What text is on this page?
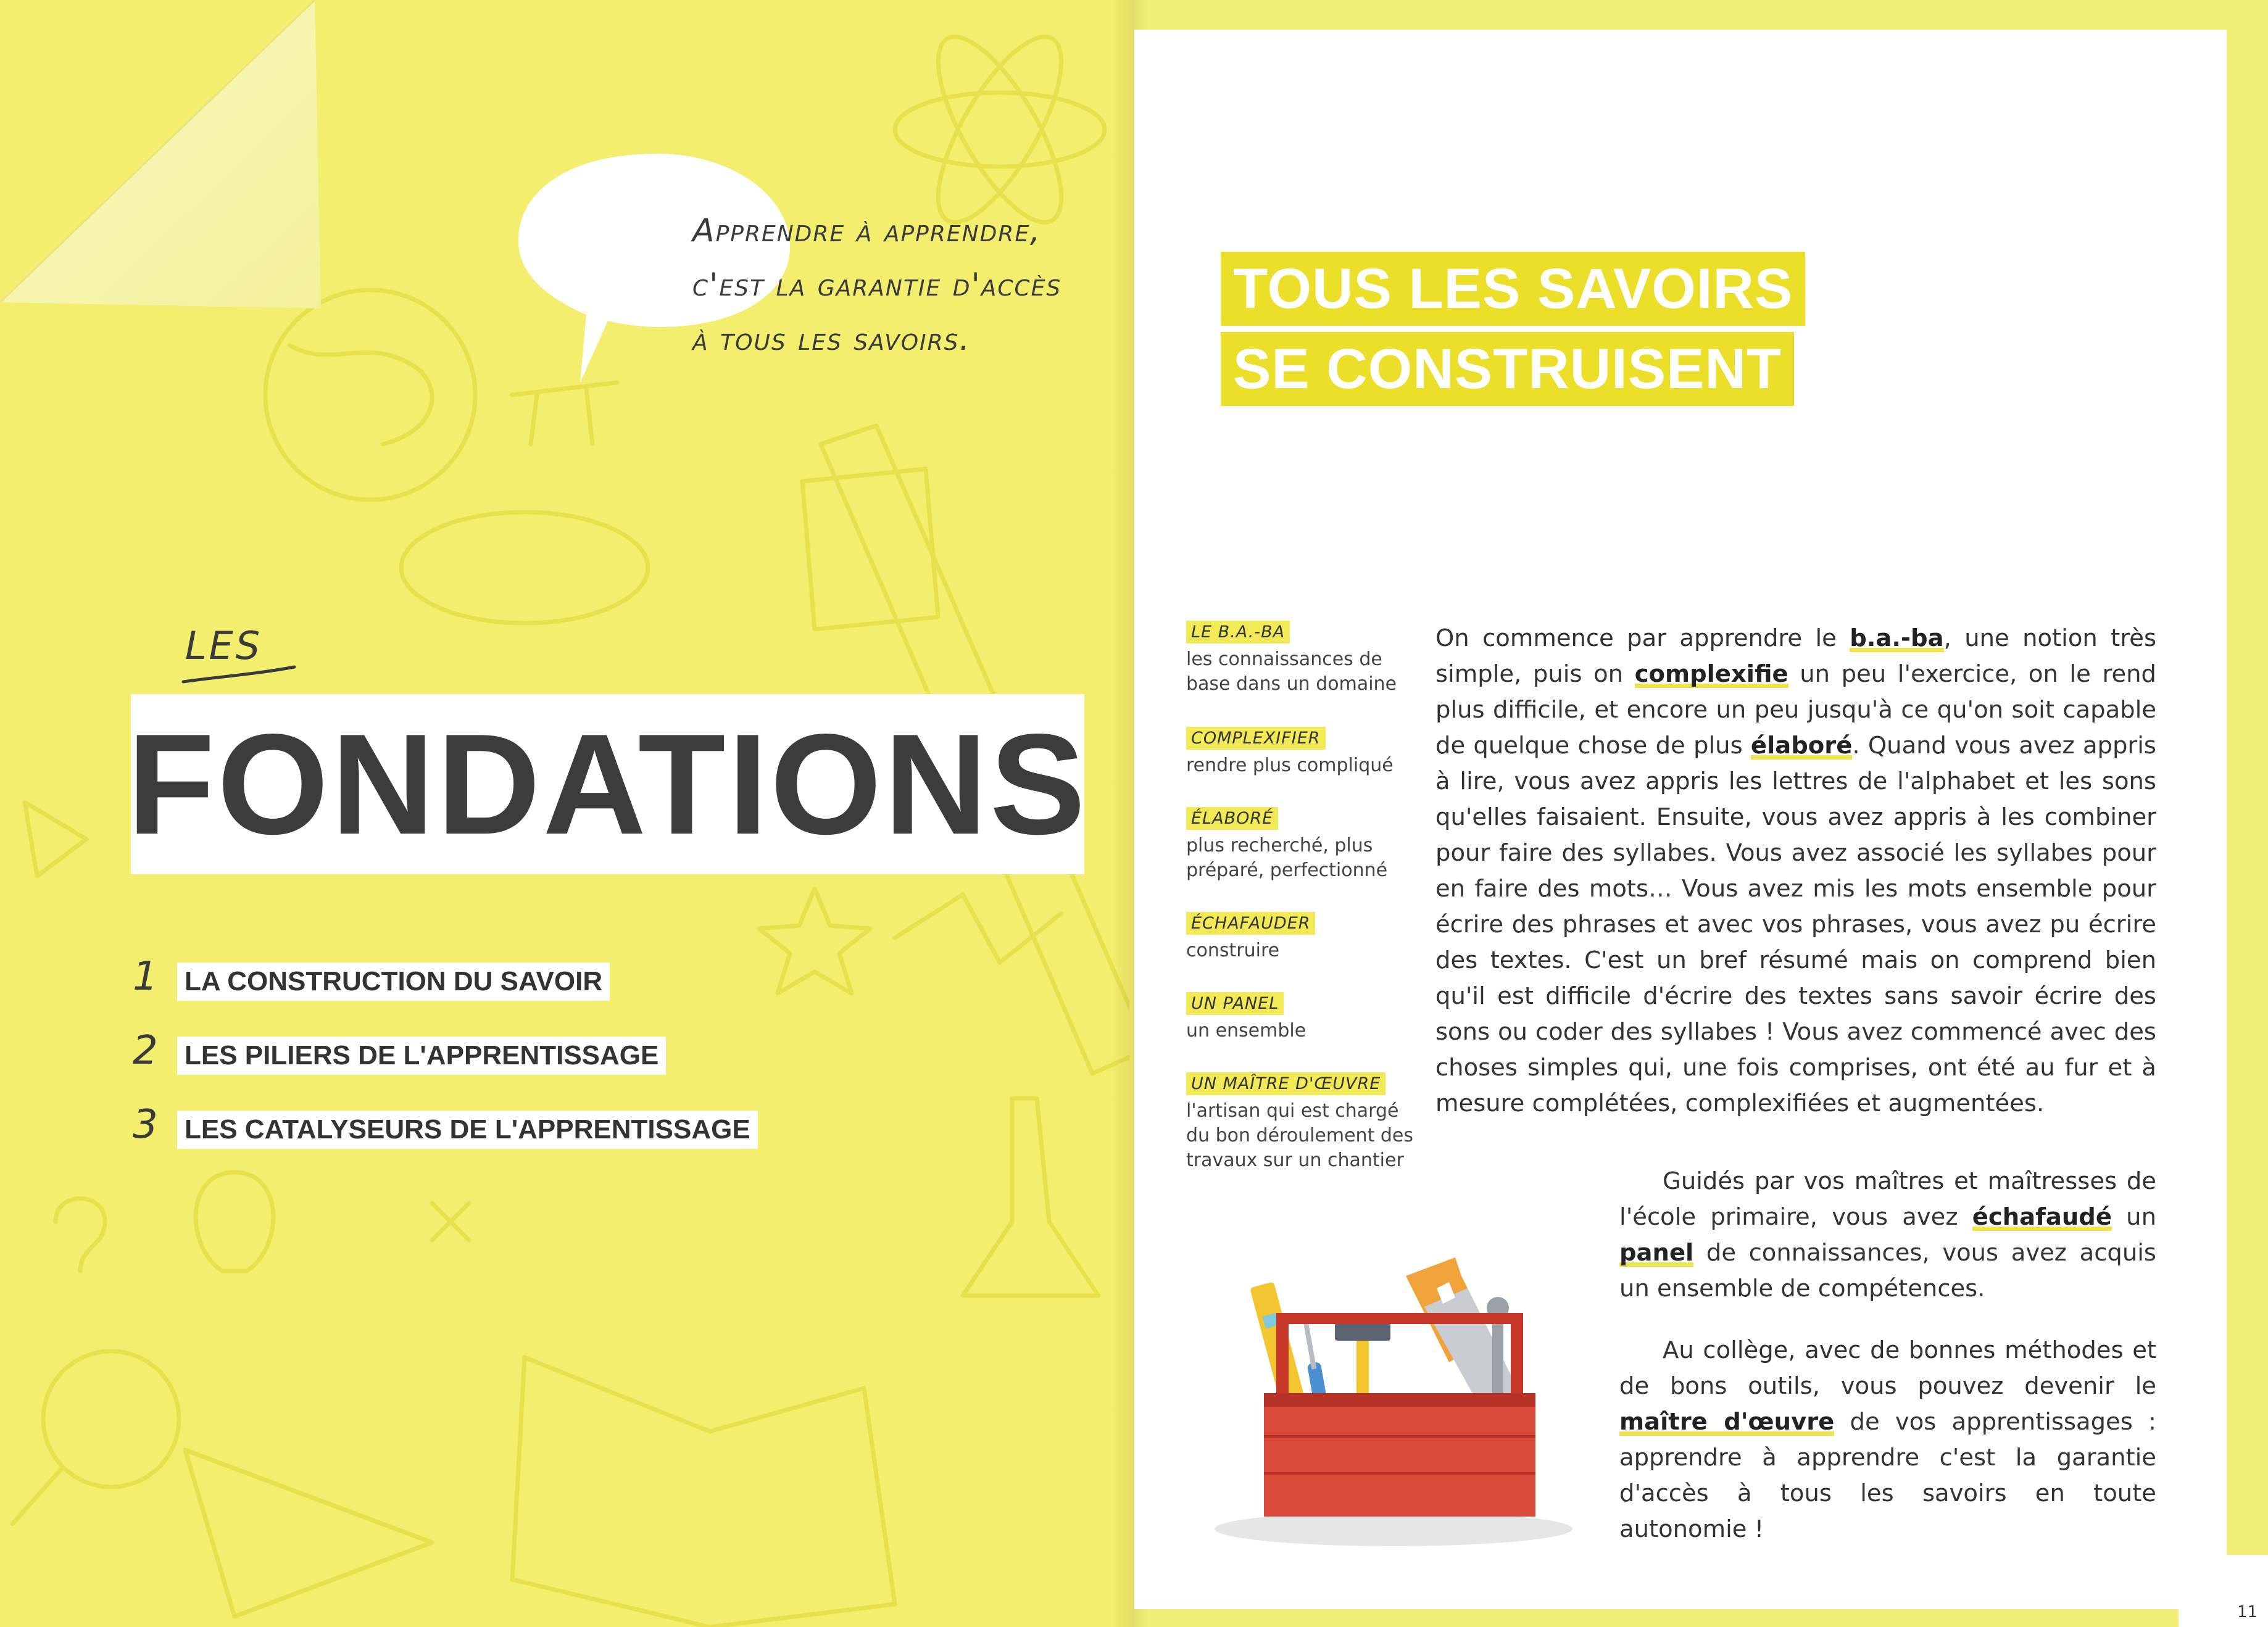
Apprendre à apprendre,
c'est la garantie d'accès
à tous les savoirs.
LES
FONDATIONS
1 LA CONSTRUCTION DU SAVOIR
2 LES PILIERS DE L'APPRENTISSAGE
3 LES CATALYSEURS DE L'APPRENTISSAGE
TOUS LES SAVOIRS
SE CONSTRUISENT
LE B.A.-BA
les connaissances de base dans un domaine
COMPLEXIFIER
rendre plus compliqué
ÉLABORÉ
plus recherché, plus préparé, perfectionné
ÉCHAFAUDER
construire
UN PANEL
un ensemble
UN MAÎTRE D'ŒUVRE
l'artisan qui est chargé du bon déroulement des travaux sur un chantier
On commence par apprendre le b.a.-ba, une notion très simple, puis on complexifie un peu l'exercice, on le rend plus difficile, et encore un peu jusqu'à ce qu'on soit capable de quelque chose de plus élaboré. Quand vous avez appris à lire, vous avez appris les lettres de l'alphabet et les sons qu'elles faisaient. Ensuite, vous avez appris à les combiner pour faire des syllabes. Vous avez associé les syllabes pour en faire des mots… Vous avez mis les mots ensemble pour écrire des phrases et avec vos phrases, vous avez pu écrire des textes. C'est un bref résumé mais on comprend bien qu'il est difficile d'écrire des textes sans savoir écrire des sons ou coder des syllabes ! Vous avez commencé avec des choses simples qui, une fois comprises, ont été au fur et à mesure complétées, complexifiées et augmentées.
Guidés par vos maîtres et maîtresses de l'école primaire, vous avez échafaudé un panel de connaissances, vous avez acquis un ensemble de compétences.
Au collège, avec de bonnes méthodes et de bons outils, vous pouvez devenir le maître d'œuvre de vos apprentissages : apprendre à apprendre c'est la garantie d'accès à tous les savoirs en toute autonomie !
11
